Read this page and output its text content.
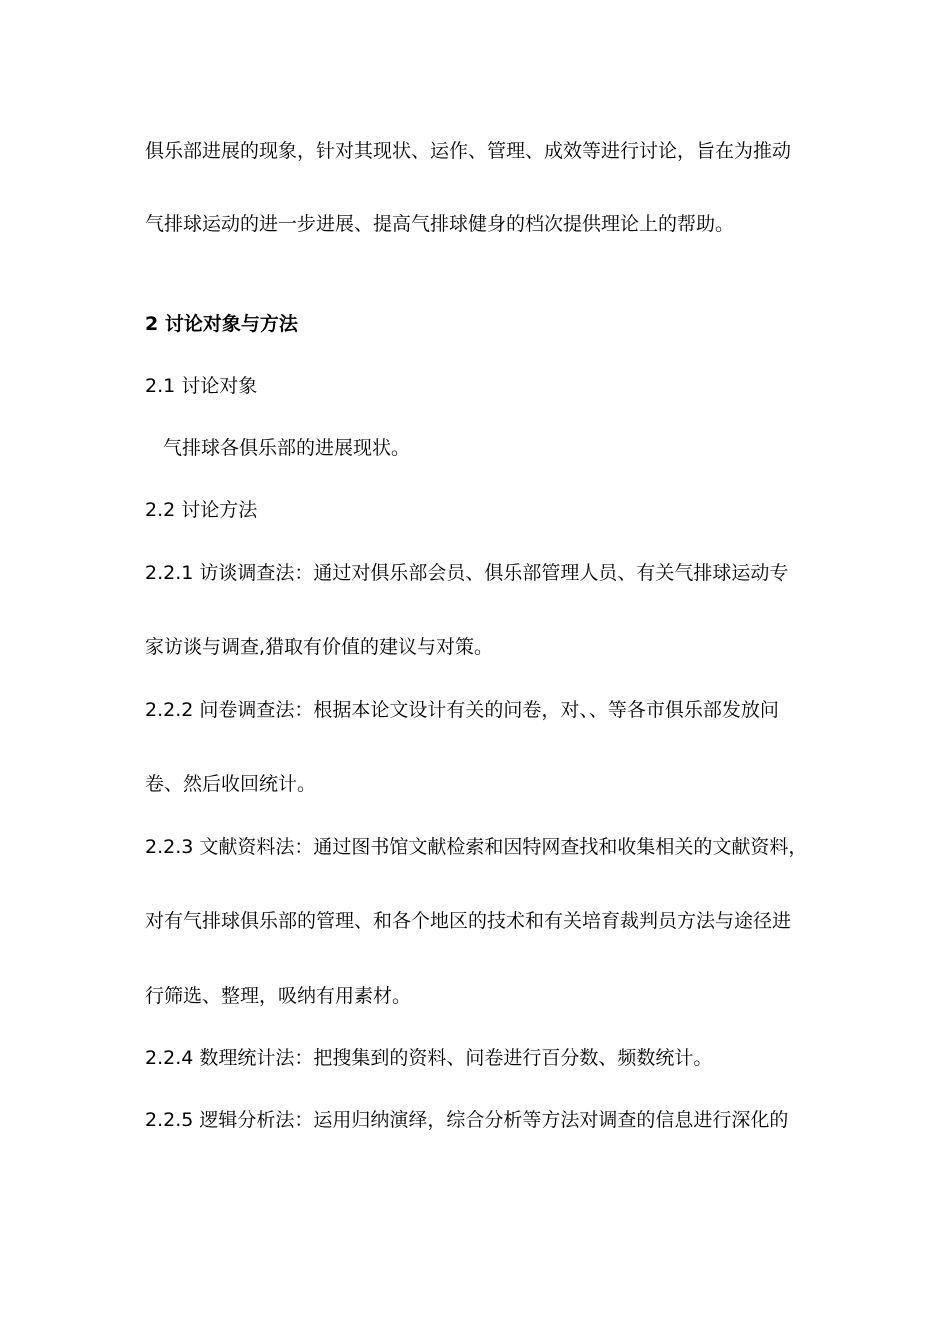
俱乐部进展的现象，针对其现状、运作、管理、成效等进行讨论，旨在为推动

气排球运动的进一步进展、提高气排球健身的档次提供理论上的帮助。

2 讨论对象与方法

2.1 讨论对象

气排球各俱乐部的进展现状。

2.2 讨论方法

2.2.1 访谈调查法：通过对俱乐部会员、俱乐部管理人员、有关气排球运动专

家访谈与调查,猎取有价值的建议与对策。

2.2.2 问卷调查法：根据本论文设计有关的问卷，对、、等各市俱乐部发放问

卷、然后收回统计。

2.2.3 文献资料法：通过图书馆文献检索和因特网查找和收集相关的文献资料，

对有气排球俱乐部的管理、和各个地区的技术和有关培育裁判员方法与途径进

行筛选、整理，吸纳有用素材。

2.2.4 数理统计法：把搜集到的资料、问卷进行百分数、频数统计。

2.2.5 逻辑分析法：运用归纳演绎，综合分析等方法对调查的信息进行深化的
